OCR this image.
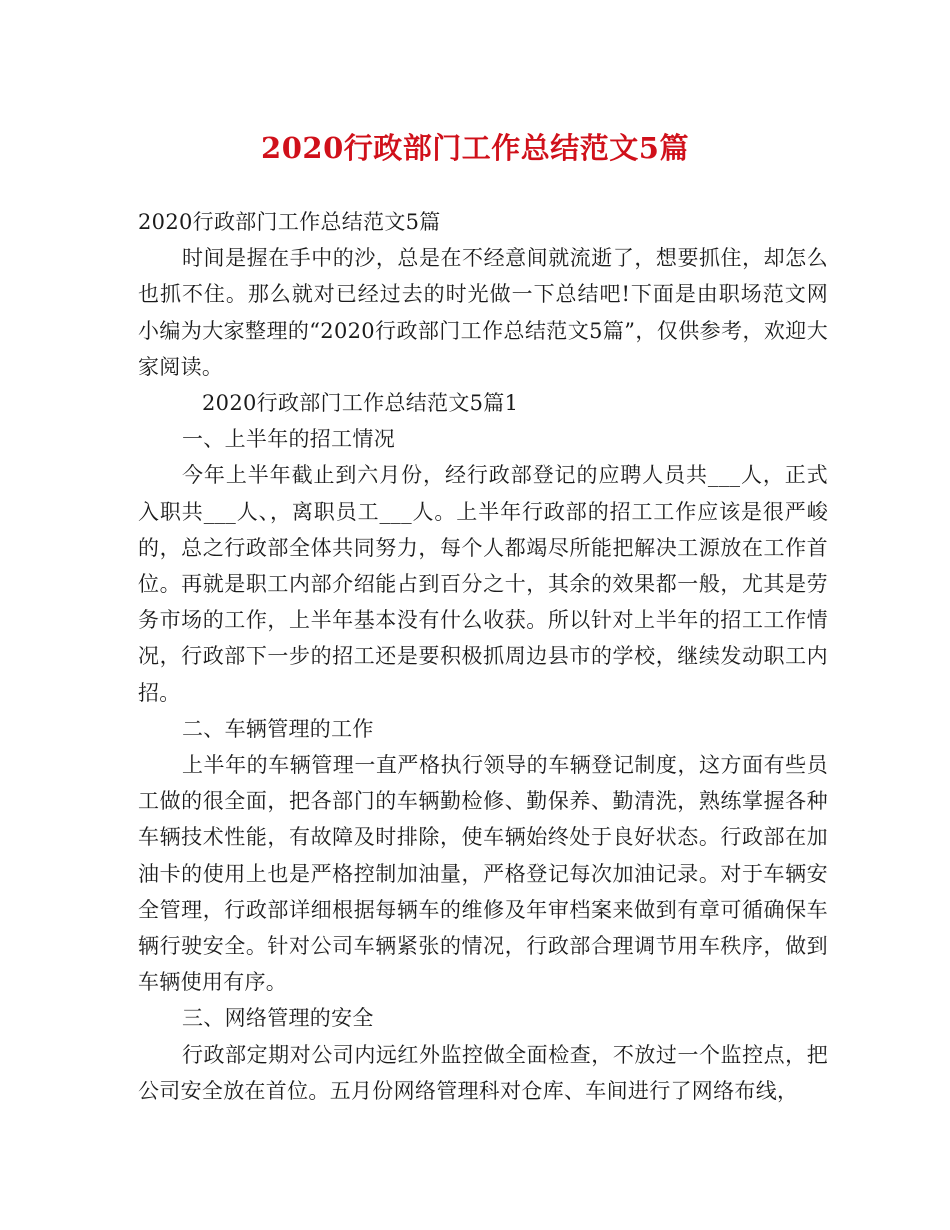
2020行政部门工作总结范文5篇

2020行政部门工作总结范文5篇

时间是握在手中的沙，总是在不经意间就流逝了，想要抓住，却怎么也抓不住。那么就对已经过去的时光做一下总结吧!下面是由职场范文网小编为大家整理的“2020行政部门工作总结范文5篇”，仅供参考，欢迎大家阅读。

2020行政部门工作总结范文5篇1

一、上半年的招工情况

今年上半年截止到六月份，经行政部登记的应聘人员共___人，正式入职共___人、，离职员工___人。上半年行政部的招工工作应该是很严峻的，总之行政部全体共同努力，每个人都竭尽所能把解决工源放在工作首位。再就是职工内部介绍能占到百分之十，其余的效果都一般，尤其是劳务市场的工作，上半年基本没有什么收获。所以针对上半年的招工工作情况，行政部下一步的招工还是要积极抓周边县市的学校，继续发动职工内招。

二、车辆管理的工作

上半年的车辆管理一直严格执行领导的车辆登记制度，这方面有些员工做的很全面，把各部门的车辆勤检修、勤保养、勤清洗，熟练掌握各种车辆技术性能，有故障及时排除，使车辆始终处于良好状态。行政部在加油卡的使用上也是严格控制加油量，严格登记每次加油记录。对于车辆安全管理，行政部详细根据每辆车的维修及年审档案来做到有章可循确保车辆行驶安全。针对公司车辆紧张的情况，行政部合理调节用车秩序，做到车辆使用有序。

三、网络管理的安全

行政部定期对公司内远红外监控做全面检查，不放过一个监控点，把公司安全放在首位。五月份网络管理科对仓库、车间进行了网络布线，
